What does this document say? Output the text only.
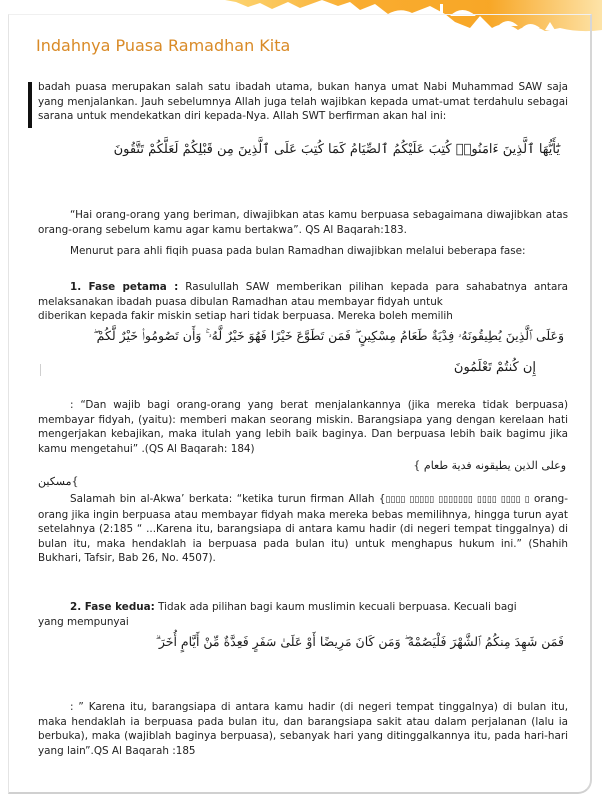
Indahnya Puasa Ramadhan Kita

badah puasa merupakan salah satu ibadah utama, bukan hanya umat Nabi Muhammad SAW saja yang menjalankan. Jauh sebelumnya Allah juga telah wajibkan kepada umat-umat terdahulu sebagai sarana untuk mendekatkan diri kepada-Nya. Allah SWT berfirman akan hal ini:

يَٰٓأَيُّهَا ٱلَّذِينَ ءَامَنُوا۟ كُتِبَ عَلَيْكُمُ ٱلصِّيَامُ كَمَا كُتِبَ عَلَى ٱلَّذِينَ مِن قَبْلِكُمْ لَعَلَّكُمْ تَتَّقُونَ

“Hai orang-orang yang beriman, diwajibkan atas kamu berpuasa sebagaimana diwajibkan atas orang-orang sebelum kamu agar kamu bertakwa”. QS Al Baqarah:183.

Menurut para ahli fiqih puasa pada bulan Ramadhan diwajibkan melalui beberapa fase:

1. Fase petama : Rasulullah SAW memberikan pilihan kepada para sahabatnya antara melaksanakan ibadah puasa dibulan Ramadhan atau membayar fidyah untuk

diberikan kepada fakir miskin setiap hari tidak berpuasa. Mereka boleh memilih

وَعَلَى ٱلَّذِينَ يُطِيقُونَهُۥ فِدْيَةٌ طَعَامُ مِسْكِينٍ ۖ فَمَن تَطَوَّعَ خَيْرًا فَهُوَ خَيْرٌ لَّهُۥ ۚ وَأَن تَصُومُوا۟ خَيْرٌ لَّكُمْ ۖ
إِن كُنتُمْ تَعْلَمُونَ

: “Dan wajib bagi orang-orang yang berat menjalankannya (jika mereka tidak berpuasa) membayar fidyah, (yaitu): memberi makan seorang miskin. Barangsiapa yang dengan kerelaan hati mengerjakan kebajikan, maka itulah yang lebih baik baginya. Dan berpuasa lebih baik bagimu jika kamu mengetahui” .(QS Al Baqarah: 184)

وعلى الذين يطيقونه فدية طعام }
مسكين{

Salamah bin al-Akwa’ berkata: “ketika turun firman Allah {▯▯▯▯ ▯▯▯▯▯ ▯▯▯▯▯▯▯ ▯▯▯▯ ▯▯▯▯ ▯ orang-orang jika ingin berpuasa atau membayar fidyah maka mereka bebas memilihnya, hingga turun ayat setelahnya (2:185 “ ...Karena itu, barangsiapa di antara kamu hadir (di negeri tempat tinggalnya) di bulan itu, maka hendaklah ia berpuasa pada bulan itu) untuk menghapus hukum ini.” (Shahih Bukhari, Tafsir, Bab 26, No. 4507).

2. Fase kedua: Tidak ada pilihan bagi kaum muslimin kecuali berpuasa. Kecuali bagi

yang mempunyai

فَمَن شَهِدَ مِنكُمُ ٱلشَّهْرَ فَلْيَصُمْهُ ۖ وَمَن كَانَ مَرِيضًا أَوْ عَلَىٰ سَفَرٍ فَعِدَّةٌ مِّنْ أَيَّامٍ أُخَرَ ۗ

: ” Karena itu, barangsiapa di antara kamu hadir (di negeri tempat tinggalnya) di bulan itu, maka hendaklah ia berpuasa pada bulan itu, dan barangsiapa sakit atau dalam perjalanan (lalu ia berbuka), maka (wajiblah baginya berpuasa), sebanyak hari yang ditinggalkannya itu, pada hari-hari yang lain”.QS Al Baqarah :185
